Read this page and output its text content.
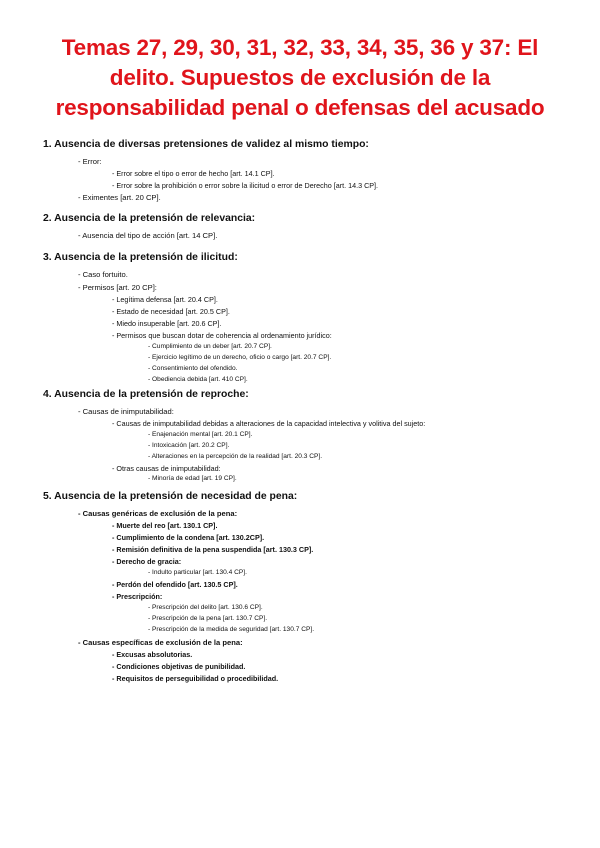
Temas 27, 29, 30, 31, 32, 33, 34, 35, 36 y 37: El
delito. Supuestos de exclusión de la
responsabilidad penal o defensas del acusado
1. Ausencia de diversas pretensiones de validez al mismo tiempo:
- Error:
- Error sobre el tipo o error de hecho [art. 14.1 CP].
- Error sobre la prohibición o error sobre la ilicitud o error de Derecho [art. 14.3 CP].
- Eximentes [art. 20 CP].
2. Ausencia de la pretensión de relevancia:
- Ausencia del tipo de acción [art. 14 CP].
3. Ausencia de la pretensión de ilicitud:
- Caso fortuito.
- Permisos [art. 20 CP]:
- Legítima defensa [art. 20.4 CP].
- Estado de necesidad [art. 20.5 CP].
- Miedo insuperable [art. 20.6 CP].
- Permisos que buscan dotar de coherencia al ordenamiento jurídico:
- Cumplimiento de un deber [art. 20.7 CP].
- Ejercicio legítimo de un derecho, oficio o cargo [art. 20.7 CP].
- Consentimiento del ofendido.
- Obediencia debida [art. 410 CP].
4. Ausencia de la pretensión de reproche:
- Causas de inimputabilidad:
- Causas de inimputabilidad debidas a alteraciones de la capacidad intelectiva y volitiva del sujeto:
- Enajenación mental [art. 20.1 CP].
- Intoxicación [art. 20.2 CP].
- Alteraciones en la percepción de la realidad [art. 20.3 CP].
- Otras causas de inimputabilidad:
- Minoría de edad [art. 19 CP].
5. Ausencia de la pretensión de necesidad de pena:
- Causas genéricas de exclusión de la pena:
- Muerte del reo [art. 130.1 CP].
- Cumplimiento de la condena [art. 130.2CP].
- Remisión definitiva de la pena suspendida [art. 130.3 CP].
- Derecho de gracia:
- Indulto particular [art. 130.4 CP].
- Perdón del ofendido [art. 130.5 CP].
- Prescripción:
- Prescripción del delito [art. 130.6 CP].
- Prescripción de la pena [art. 130.7 CP].
- Prescripción de la medida de seguridad [art. 130.7 CP].
- Causas específicas de exclusión de la pena:
- Excusas absolutorias.
- Condiciones objetivas de punibilidad.
- Requisitos de perseguibilidad o procedibilidad.
